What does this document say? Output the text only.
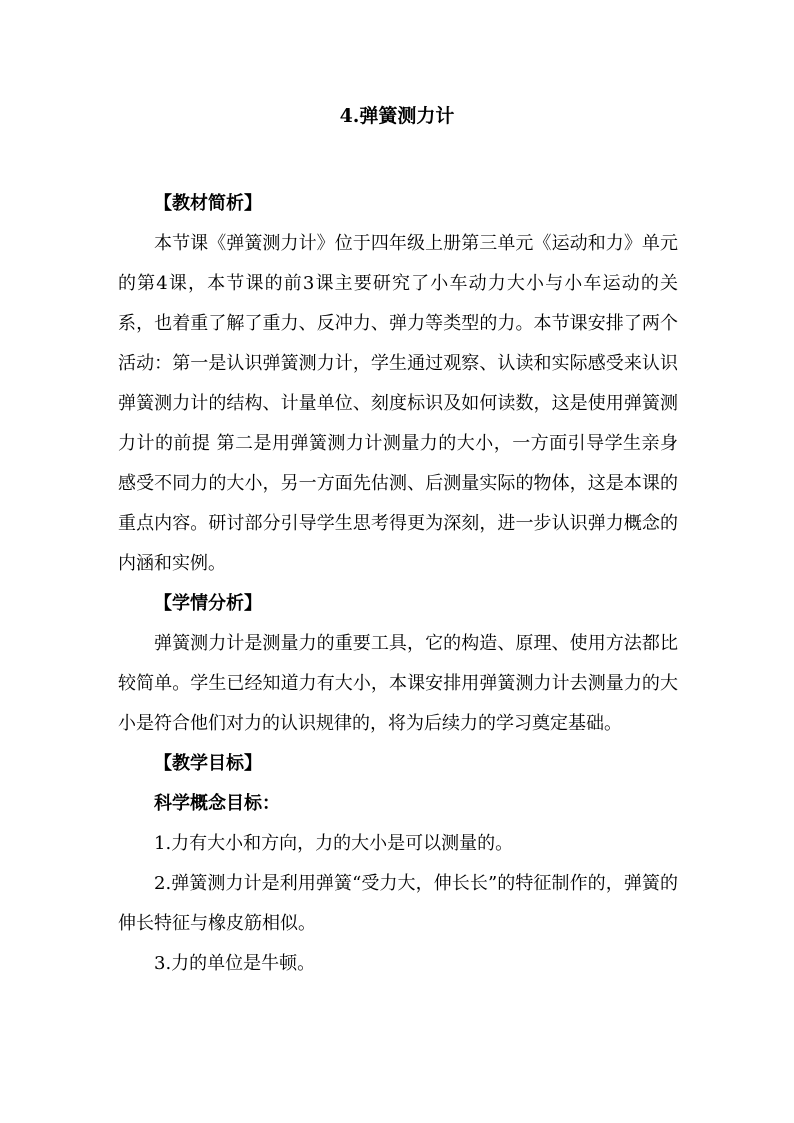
4.弹簧测力计
【教材简析】

本节课《弹簧测力计》位于四年级上册第三单元《运动和力》单元的第4课，本节课的前3课主要研究了小车动力大小与小车运动的关系，也着重了解了重力、反冲力、弹力等类型的力。本节课安排了两个活动：第一是认识弹簧测力计，学生通过观察、认读和实际感受来认识弹簧测力计的结构、计量单位、刻度标识及如何读数，这是使用弹簧测力计的前提 第二是用弹簧测力计测量力的大小，一方面引导学生亲身感受不同力的大小，另一方面先估测、后测量实际的物体，这是本课的重点内容。研讨部分引导学生思考得更为深刻，进一步认识弹力概念的内涵和实例。

【学情分析】

弹簧测力计是测量力的重要工具，它的构造、原理、使用方法都比较简单。学生已经知道力有大小，本课安排用弹簧测力计去测量力的大小是符合他们对力的认识规律的，将为后续力的学习奠定基础。

【教学目标】
科学概念目标：

1.力有大小和方向，力的大小是可以测量的。

2.弹簧测力计是利用弹簧“受力大，伸长长”的特征制作的，弹簧的伸长特征与橡皮筋相似。

3.力的单位是牛顿。
